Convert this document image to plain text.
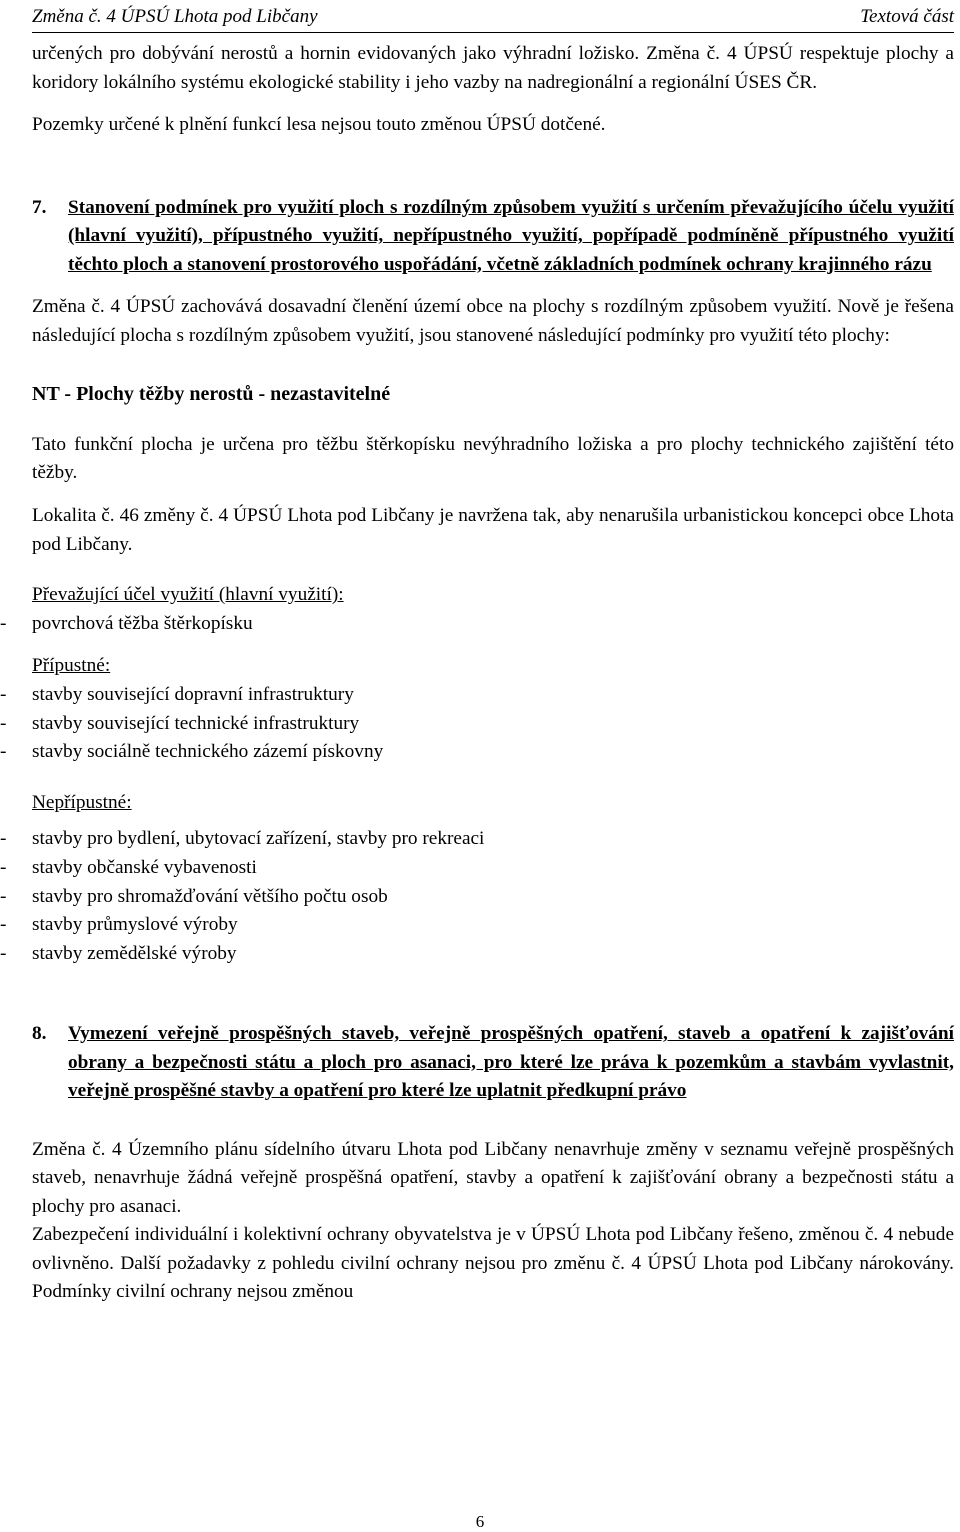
Změna č. 4 ÚPSÚ Lhota pod Libčany	Textová část

určených pro dobývání nerostů a hornin evidovaných jako výhradní ložisko. Změna č. 4 ÚPSÚ respektuje plochy a koridory lokálního systému ekologické stability i jeho vazby na nadregionální a regionální ÚSES ČR.

Pozemky určené k plnění funkcí lesa nejsou touto změnou ÚPSÚ dotčené.

7. Stanovení podmínek pro využití ploch s rozdílným způsobem využití s určením převažujícího účelu využití (hlavní využití), přípustného využití, nepřípustného využití, popřípadě podmíněně přípustného využití těchto ploch a stanovení prostorového uspořádání, včetně základních podmínek ochrany krajinného rázu

Změna č. 4 ÚPSÚ zachovává dosavadní členění území obce na plochy s rozdílným způsobem využití. Nově je řešena následující plocha s rozdílným způsobem využití, jsou stanovené následující podmínky pro využití této plochy:

NT - Plochy těžby nerostů - nezastavitelné

Tato funkční plocha je určena pro těžbu štěrkopísku nevýhradního ložiska a pro plochy technického zajištění této těžby.

Lokalita č. 46 změny č. 4 ÚPSÚ Lhota pod Libčany je navržena tak, aby nenarušila urbanistickou koncepci obce Lhota pod Libčany.

Převažující účel využití (hlavní využití):

- povrchová těžba štěrkopísku

Přípustné:

- stavby související dopravní infrastruktury
- stavby související technické infrastruktury
- stavby sociálně technického zázemí pískovny

Nepřípustné:

- stavby pro bydlení, ubytovací zařízení, stavby pro rekreaci
- stavby občanské vybavenosti
- stavby pro shromažďování většího počtu osob
- stavby průmyslové výroby
- stavby zemědělské výroby
8. Vymezení veřejně prospěšných staveb, veřejně prospěšných opatření, staveb a opatření k zajišťování obrany a bezpečnosti státu a ploch pro asanaci, pro které lze práva k pozemkům a stavbám vyvlastnit, veřejně prospěšné stavby a opatření pro které lze uplatnit předkupní právo

Změna č. 4 Územního plánu sídelního útvaru Lhota pod Libčany nenavrhuje změny v seznamu veřejně prospěšných staveb, nenavrhuje žádná veřejně prospěšná opatření, stavby a opatření k zajišťování obrany a bezpečnosti státu a plochy pro asanaci.

Zabezpečení individuální i kolektivní ochrany obyvatelstva je v ÚPSÚ Lhota pod Libčany řešeno, změnou č. 4 nebude ovlivněno. Další požadavky z pohledu civilní ochrany nejsou pro změnu č. 4 ÚPSÚ Lhota pod Libčany nárokovány. Podmínky civilní ochrany nejsou změnou

6
